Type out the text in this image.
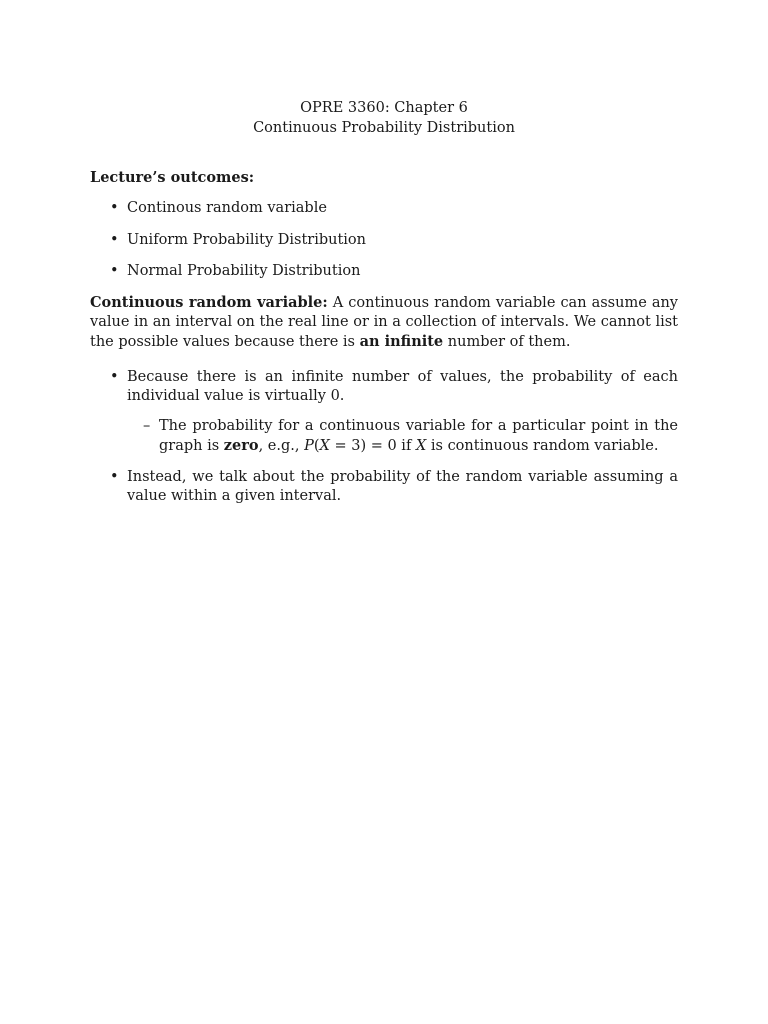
OPRE 3360: Chapter 6
Continuous Probability Distribution
Lecture’s outcomes:
• Continous random variable
• Uniform Probability Distribution
• Normal Probability Distribution
Continuous random variable: A continuous random variable can assume any value in an interval on the real line or in a collection of intervals. We cannot list the possible values because there is an infinite number of them.
• Because there is an infinite number of values, the probability of each individual value is virtually 0.
– The probability for a continuous variable for a particular point in the graph is zero, e.g., P(X = 3) = 0 if X is continuous random variable.
• Instead, we talk about the probability of the random variable assuming a value within a given interval.
